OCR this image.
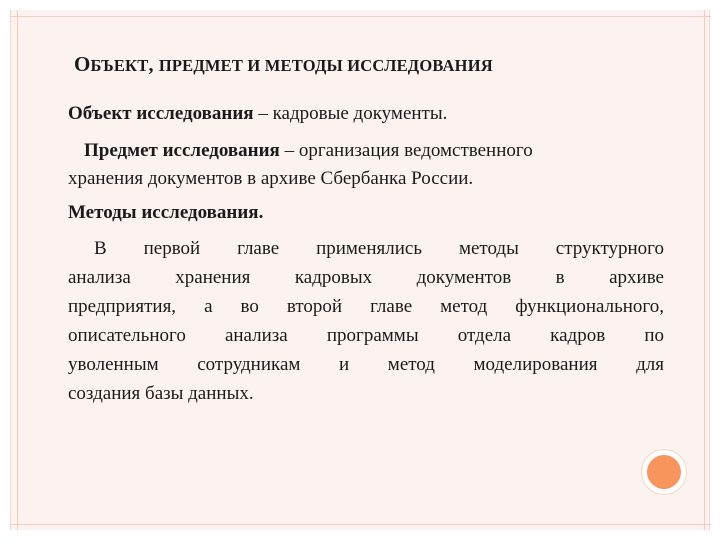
ОБЪЕКТ, ПРЕДМЕТ И МЕТОДЫ ИССЛЕДОВАНИЯ
Объект исследования – кадровые документы.
Предмет исследования – организация ведомственного
хранения документов в архиве Сбербанка России.
Методы исследования.
В первой главе применялись методы структурного
анализа хранения кадровых документов в архиве
предприятия, а во второй главе метод функционального,
описательного анализа программы отдела кадров по
уволенным сотрудникам и метод моделирования для
создания базы данных.
